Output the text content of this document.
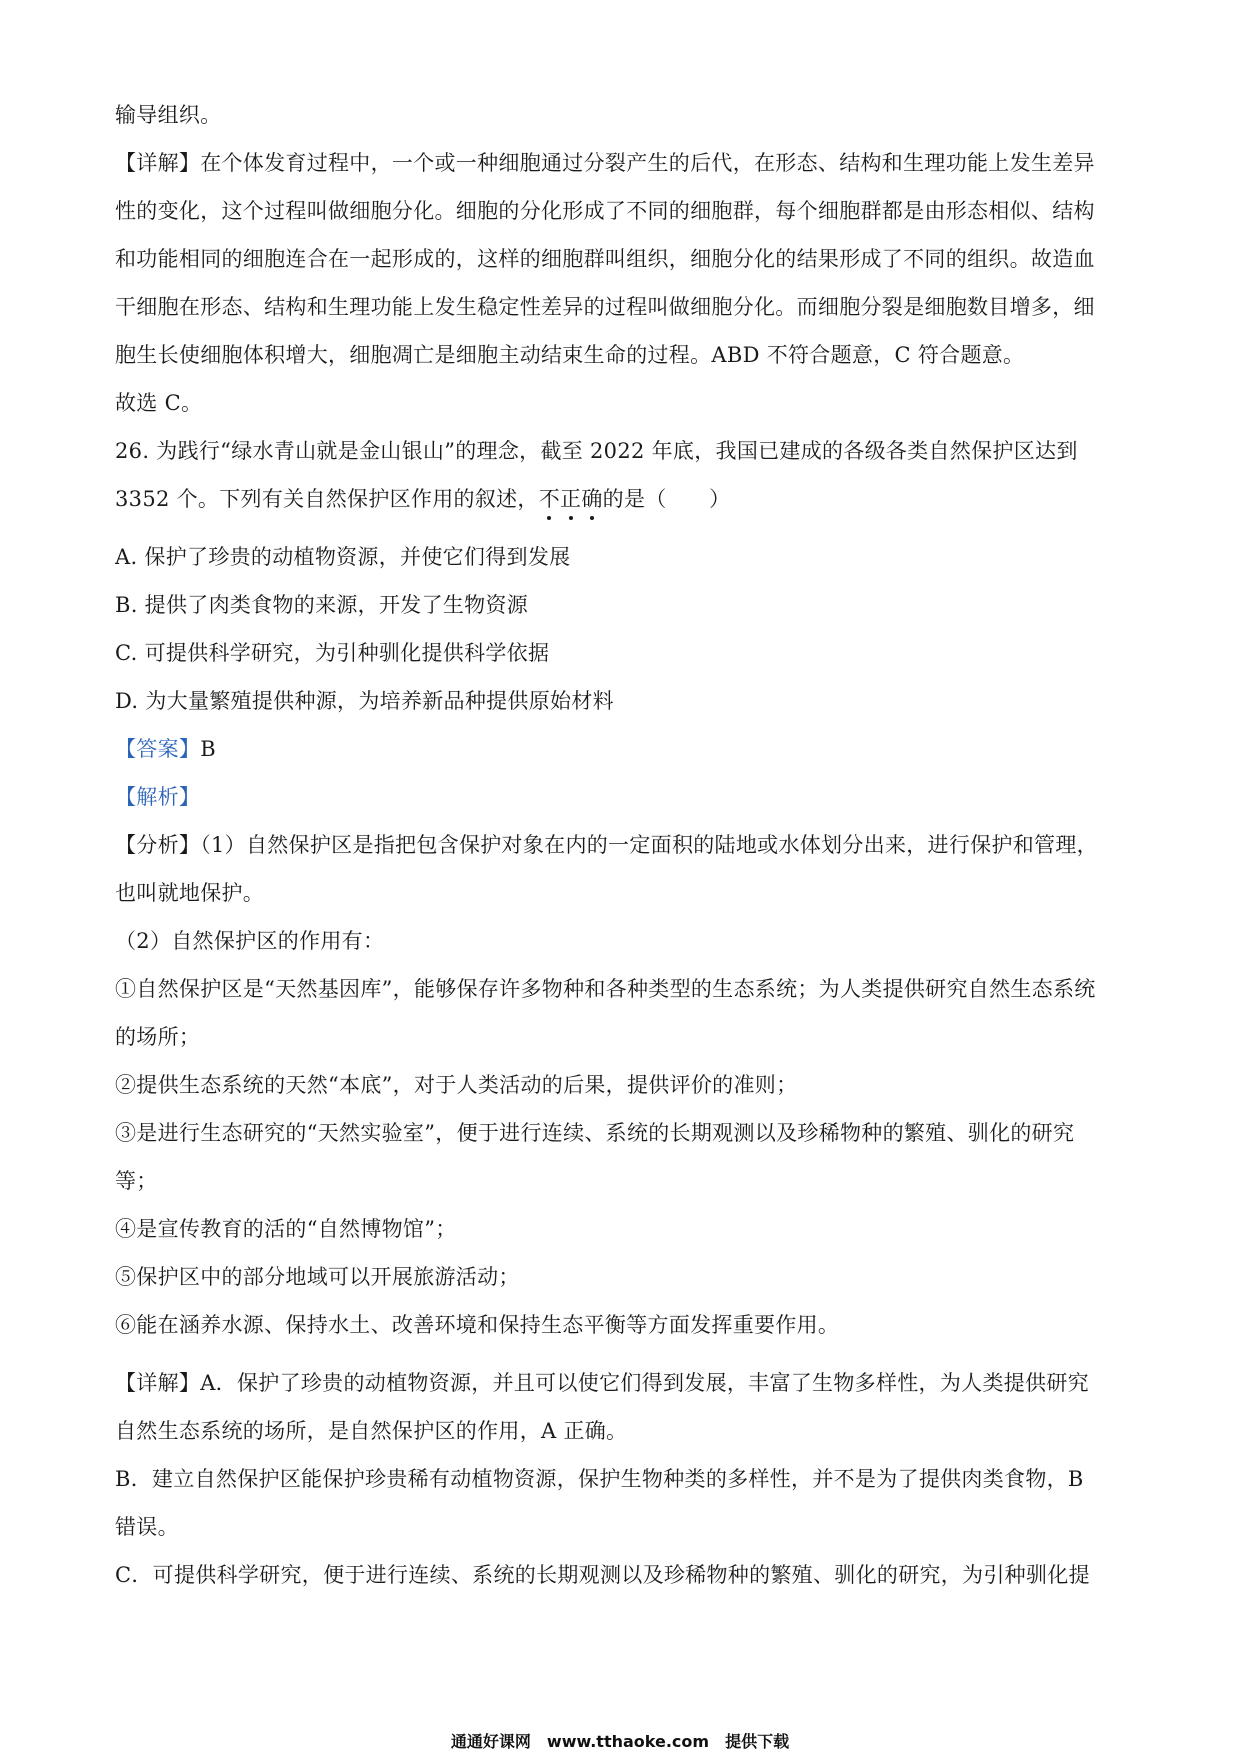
输导组织。
【详解】在个体发育过程中，一个或一种细胞通过分裂产生的后代，在形态、结构和生理功能上发生差异
性的变化，这个过程叫做细胞分化。细胞的分化形成了不同的细胞群，每个细胞群都是由形态相似、结构
和功能相同的细胞连合在一起形成的，这样的细胞群叫组织，细胞分化的结果形成了不同的组织。故造血
干细胞在形态、结构和生理功能上发生稳定性差异的过程叫做细胞分化。而细胞分裂是细胞数目增多，细
胞生长使细胞体积增大，细胞凋亡是细胞主动结束生命的过程。ABD 不符合题意，C 符合题意。
故选 C。
26. 为践行“绿水青山就是金山银山”的理念，截至 2022 年底，我国已建成的各级各类自然保护区达到
3352 个。下列有关自然保护区作用的叙述，不正确的是（　　）
A. 保护了珍贵的动植物资源，并使它们得到发展
B. 提供了肉类食物的来源，开发了生物资源
C. 可提供科学研究，为引种驯化提供科学依据
D. 为大量繁殖提供种源，为培养新品种提供原始材料
【答案】B
【解析】
【分析】（1）自然保护区是指把包含保护对象在内的一定面积的陆地或水体划分出来，进行保护和管理，
也叫就地保护。
（2）自然保护区的作用有：
①自然保护区是“天然基因库”，能够保存许多物种和各种类型的生态系统；为人类提供研究自然生态系统
的场所；
②提供生态系统的天然“本底”，对于人类活动的后果，提供评价的准则；
③是进行生态研究的“天然实验室”，便于进行连续、系统的长期观测以及珍稀物种的繁殖、驯化的研究
等；
④是宣传教育的活的“自然博物馆”；
⑤保护区中的部分地域可以开展旅游活动；
⑥能在涵养水源、保持水土、改善环境和保持生态平衡等方面发挥重要作用。
【详解】A．保护了珍贵的动植物资源，并且可以使它们得到发展，丰富了生物多样性，为人类提供研究
自然生态系统的场所，是自然保护区的作用，A 正确。
B．建立自然保护区能保护珍贵稀有动植物资源，保护生物种类的多样性，并不是为了提供肉类食物，B
错误。
C．可提供科学研究，便于进行连续、系统的长期观测以及珍稀物种的繁殖、驯化的研究，为引种驯化提
通通好课网　www.tthaoke.com　提供下载
